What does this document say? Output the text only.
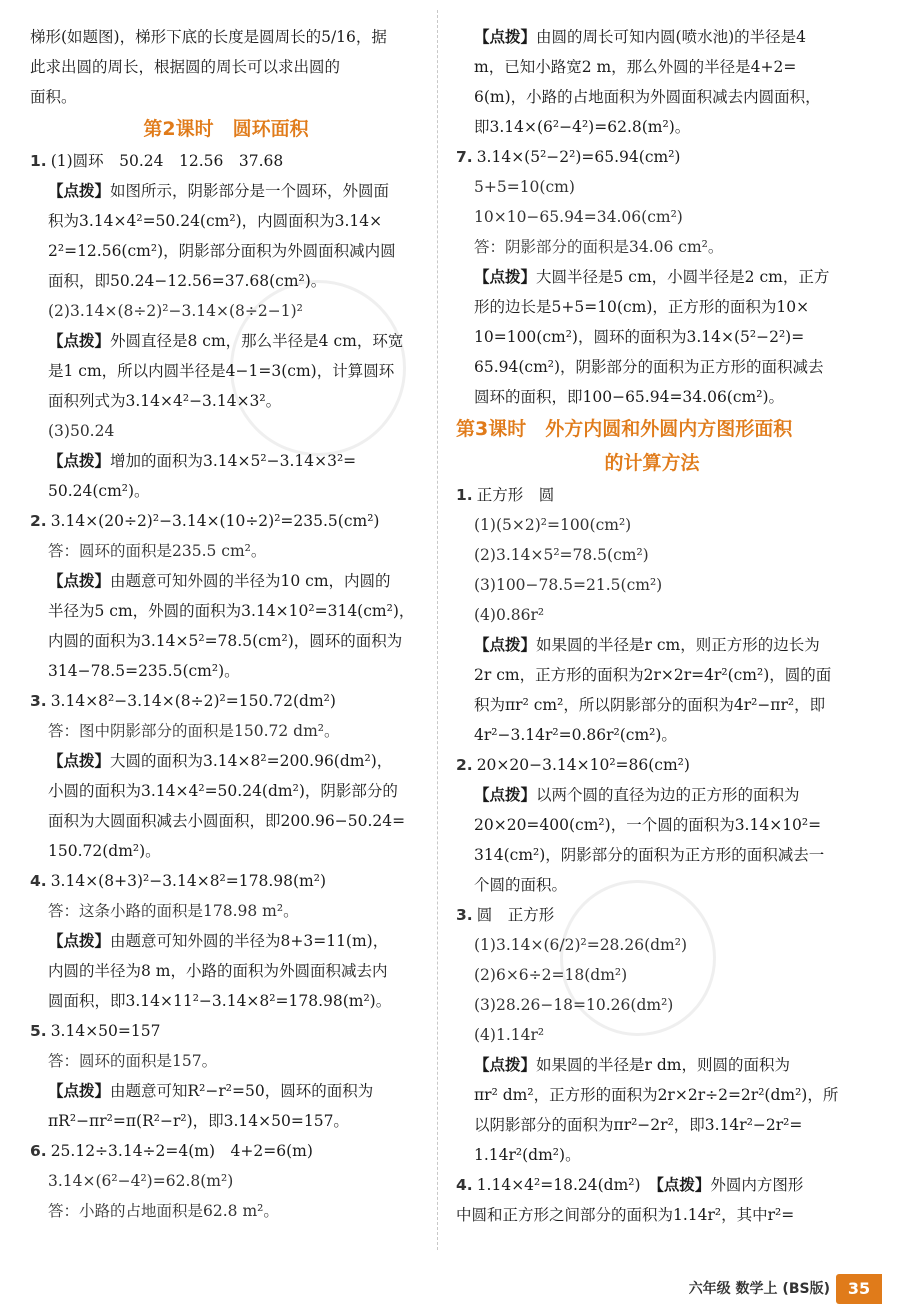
梯形(如题图)，梯形下底的长度是圆周长的5/16，据
此求出圆的周长，根据圆的周长可以求出圆的
面积。
第2课时　圆环面积
1. (1)圆环　50.24　12.56　37.68
【点拨】如图所示，阴影部分是一个圆环，外圆面
积为3.14×4²=50.24(cm²)，内圆面积为3.14×
2²=12.56(cm²)，阴影部分面积为外圆面积减内圆
面积，即50.24−12.56=37.68(cm²)。
(2)3.14×(8÷2)²−3.14×(8÷2−1)²
【点拨】外圆直径是8 cm，那么半径是4 cm，环宽
是1 cm，所以内圆半径是4−1=3(cm)，计算圆环
面积列式为3.14×4²−3.14×3²。
(3)50.24
【点拨】增加的面积为3.14×5²−3.14×3²=
50.24(cm²)。
2. 3.14×(20÷2)²−3.14×(10÷2)²=235.5(cm²)
答：圆环的面积是235.5 cm²。
【点拨】由题意可知外圆的半径为10 cm，内圆的
半径为5 cm，外圆的面积为3.14×10²=314(cm²)，
内圆的面积为3.14×5²=78.5(cm²)，圆环的面积为
314−78.5=235.5(cm²)。
3. 3.14×8²−3.14×(8÷2)²=150.72(dm²)
答：图中阴影部分的面积是150.72 dm²。
【点拨】大圆的面积为3.14×8²=200.96(dm²)，
小圆的面积为3.14×4²=50.24(dm²)，阴影部分的
面积为大圆面积减去小圆面积，即200.96−50.24=
150.72(dm²)。
4. 3.14×(8+3)²−3.14×8²=178.98(m²)
答：这条小路的面积是178.98 m²。
【点拨】由题意可知外圆的半径为8+3=11(m)，
内圆的半径为8 m，小路的面积为外圆面积减去内
圆面积，即3.14×11²−3.14×8²=178.98(m²)。
5. 3.14×50=157
答：圆环的面积是157。
【点拨】由题意可知R²−r²=50，圆环的面积为
πR²−πr²=π(R²−r²)，即3.14×50=157。
6. 25.12÷3.14÷2=4(m)　4+2=6(m)
3.14×(6²−4²)=62.8(m²)
答：小路的占地面积是62.8 m²。
【点拨】由圆的周长可知内圆(喷水池)的半径是4
m，已知小路宽2 m，那么外圆的半径是4+2=
6(m)，小路的占地面积为外圆面积减去内圆面积，
即3.14×(6²−4²)=62.8(m²)。
7. 3.14×(5²−2²)=65.94(cm²)
5+5=10(cm)
10×10−65.94=34.06(cm²)
答：阴影部分的面积是34.06 cm²。
【点拨】大圆半径是5 cm，小圆半径是2 cm，正方
形的边长是5+5=10(cm)，正方形的面积为10×
10=100(cm²)，圆环的面积为3.14×(5²−2²)=
65.94(cm²)，阴影部分的面积为正方形的面积减去
圆环的面积，即100−65.94=34.06(cm²)。
第3课时　外方内圆和外圆内方图形面积
的计算方法
1. 正方形　圆
(1)(5×2)²=100(cm²)
(2)3.14×5²=78.5(cm²)
(3)100−78.5=21.5(cm²)
(4)0.86r²
【点拨】如果圆的半径是r cm，则正方形的边长为
2r cm，正方形的面积为2r×2r=4r²(cm²)，圆的面
积为πr² cm²，所以阴影部分的面积为4r²−πr²，即
4r²−3.14r²=0.86r²(cm²)。
2. 20×20−3.14×10²=86(cm²)
【点拨】以两个圆的直径为边的正方形的面积为
20×20=400(cm²)，一个圆的面积为3.14×10²=
314(cm²)，阴影部分的面积为正方形的面积减去一
个圆的面积。
3. 圆　正方形
(1)3.14×(6/2)²=28.26(dm²)
(2)6×6÷2=18(dm²)
(3)28.26−18=10.26(dm²)
(4)1.14r²
【点拨】如果圆的半径是r dm，则圆的面积为
πr² dm²，正方形的面积为2r×2r÷2=2r²(dm²)，所
以阴影部分的面积为πr²−2r²，即3.14r²−2r²=
1.14r²(dm²)。
4. 1.14×4²=18.24(dm²)　 【点拨】外圆内方图形
中圆和正方形之间部分的面积为1.14r²，其中r²=
六年级 数学上 (BS版)	35
